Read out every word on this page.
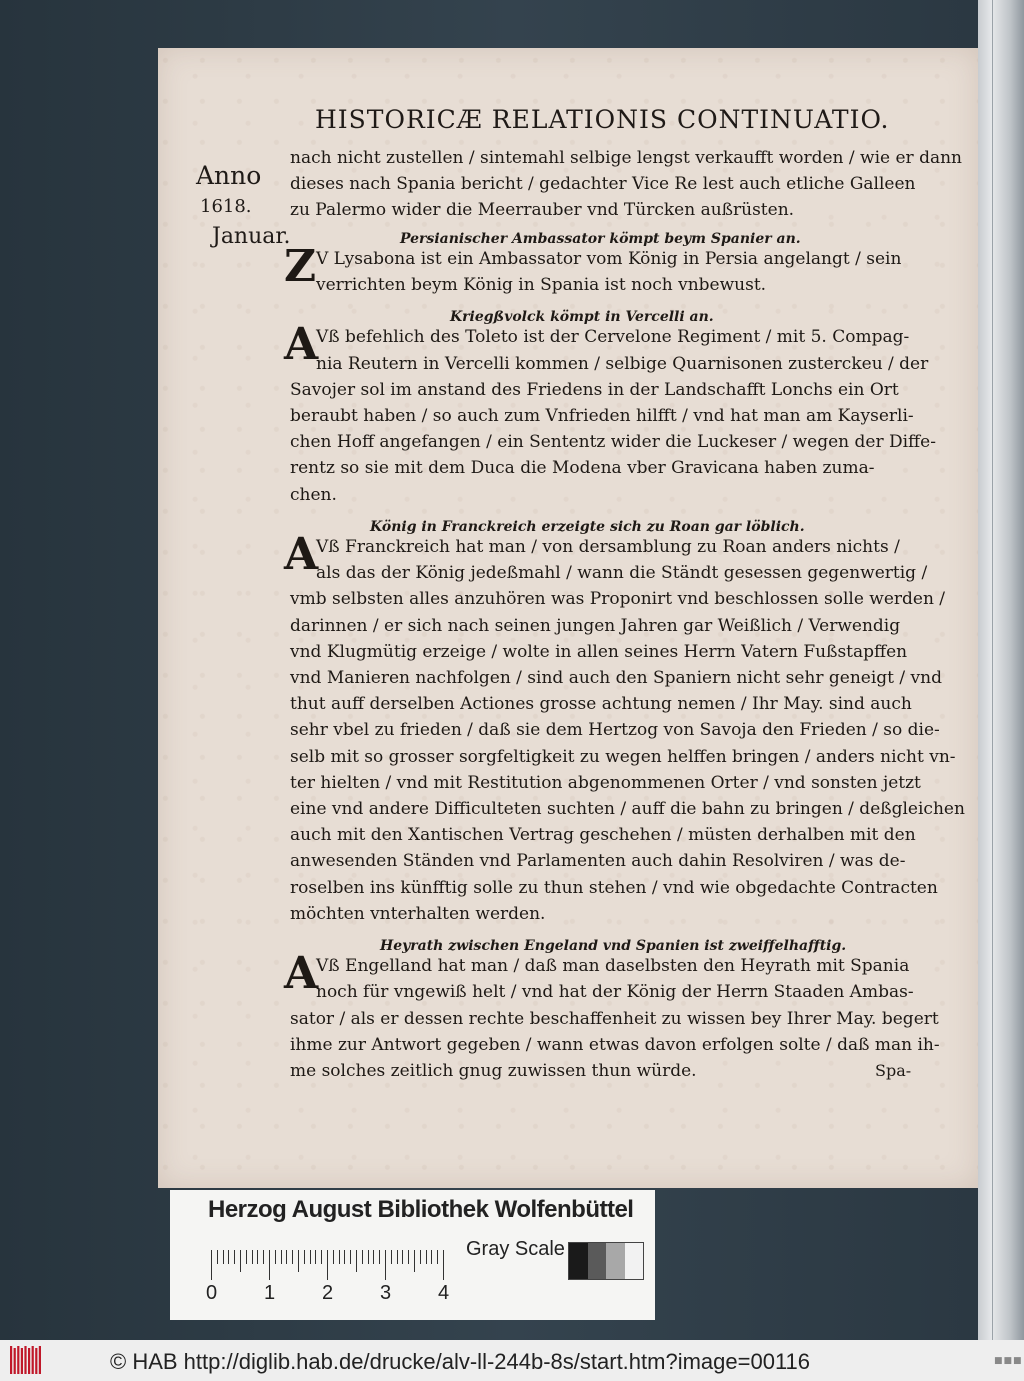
HISTORICÆ RELATIONIS CONTINUATIO.
Anno
1618.
Januar.
nach nicht zustellen / sintemahl selbige lengst verkaufft worden / wie er dann
dieses nach Spania bericht / gedachter Vice Re lest auch etliche Galleen
zu Palermo wider die Meerrauber vnd Türcken außrüsten.
Persianischer Ambassator kömpt beym Spanier an.
Z V Lysabona ist ein Ambassator vom König in Persia angelangt / sein
verrichten beym König in Spania ist noch vnbewust.
Kriegßvolck kömpt in Vercelli an.
A
Vß befehlich des Toleto ist der Cervelone Regiment / mit 5. Compag-
nia Reutern in Vercelli kommen / selbige Quarnisonen zusterckeu / der
Savojer sol im anstand des Friedens in der Landschafft Lonchs ein Ort
beraubt haben / so auch zum Vnfrieden hilfft / vnd hat man am Kayserli-
chen Hoff angefangen / ein Sententz wider die Luckeser / wegen der Diffe-
rentz so sie mit dem Duca die Modena vber Gravicana haben zuma-
chen.
König in Franckreich erzeigte sich zu Roan gar löblich.
A
Vß Franckreich hat man / von dersamblung zu Roan anders nichts /
als das der König jedeßmahl / wann die Ständt gesessen gegenwertig /
vmb selbsten alles anzuhören was Proponirt vnd beschlossen solle werden /
darinnen / er sich nach seinen jungen Jahren gar Weißlich / Verwendig
vnd Klugmütig erzeige / wolte in allen seines Herrn Vatern Fußstapffen
vnd Manieren nachfolgen / sind auch den Spaniern nicht sehr geneigt / vnd
thut auff derselben Actiones grosse achtung nemen / Ihr May. sind auch
sehr vbel zu frieden / daß sie dem Hertzog von Savoja den Frieden / so die-
selb mit so grosser sorgfeltigkeit zu wegen helffen bringen / anders nicht vn-
ter hielten / vnd mit Restitution abgenommenen Orter / vnd sonsten jetzt
eine vnd andere Difficulteten suchten / auff die bahn zu bringen / deßgleichen
auch mit den Xantischen Vertrag geschehen / müsten derhalben mit den
anwesenden Ständen vnd Parlamenten auch dahin Resolviren / was de-
roselben ins künfftig solle zu thun stehen / vnd wie obgedachte Contracten
möchten vnterhalten werden.
Heyrath zwischen Engeland vnd Spanien ist zweiffelhafftig.
A
Vß Engelland hat man / daß man daselbsten den Heyrath mit Spania
noch für vngewiß helt / vnd hat der König der Herrn Staaden Ambas-
sator / als er dessen rechte beschaffenheit zu wissen bey Ihrer May. begert
ihme zur Antwort gegeben / wann etwas davon erfolgen solte / daß man ih-
me solches zeitlich gnug zuwissen thun würde.	Spa-
Herzog August Bibliothek Wolfenbüttel
0 1 2 3 4
Gray Scale
© HAB http://diglib.hab.de/drucke/alv-ll-244b-8s/start.htm?image=00116	■■■
